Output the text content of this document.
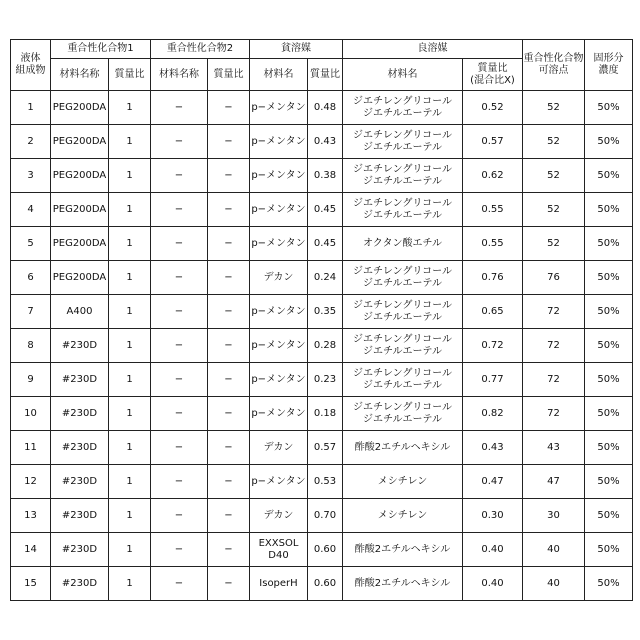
液体
組成物	重合性化合物1	重合性化合物2	貧溶媒	良溶媒	重合性化合物
可溶点	固形分
濃度
材料名称	質量比	材料名称	質量比	材料名	質量比	材料名	質量比
(混合比X)
1	PEG200DA	1	−	−	p−メンタン	0.48	ジエチレングリコール
ジエチルエーテル	0.52	52	50%
2	PEG200DA	1	−	−	p−メンタン	0.43	ジエチレングリコール
ジエチルエーテル	0.57	52	50%
3	PEG200DA	1	−	−	p−メンタン	0.38	ジエチレングリコール
ジエチルエーテル	0.62	52	50%
4	PEG200DA	1	−	−	p−メンタン	0.45	ジエチレングリコール
ジエチルエーテル	0.55	52	50%
5	PEG200DA	1	−	−	p−メンタン	0.45	オクタン酸エチル	0.55	52	50%
6	PEG200DA	1	−	−	デカン	0.24	ジエチレングリコール
ジエチルエーテル	0.76	76	50%
7	A400	1	−	−	p−メンタン	0.35	ジエチレングリコール
ジエチルエーテル	0.65	72	50%
8	#230D	1	−	−	p−メンタン	0.28	ジエチレングリコール
ジエチルエーテル	0.72	72	50%
9	#230D	1	−	−	p−メンタン	0.23	ジエチレングリコール
ジエチルエーテル	0.77	72	50%
10	#230D	1	−	−	p−メンタン	0.18	ジエチレングリコール
ジエチルエーテル	0.82	72	50%
11	#230D	1	−	−	デカン	0.57	酢酸2エチルヘキシル	0.43	43	50%
12	#230D	1	−	−	p−メンタン	0.53	メシチレン	0.47	47	50%
13	#230D	1	−	−	デカン	0.70	メシチレン	0.30	30	50%
14	#230D	1	−	−	EXXSOL
D40	0.60	酢酸2エチルヘキシル	0.40	40	50%
15	#230D	1	−	−	IsoperH	0.60	酢酸2エチルヘキシル	0.40	40	50%
